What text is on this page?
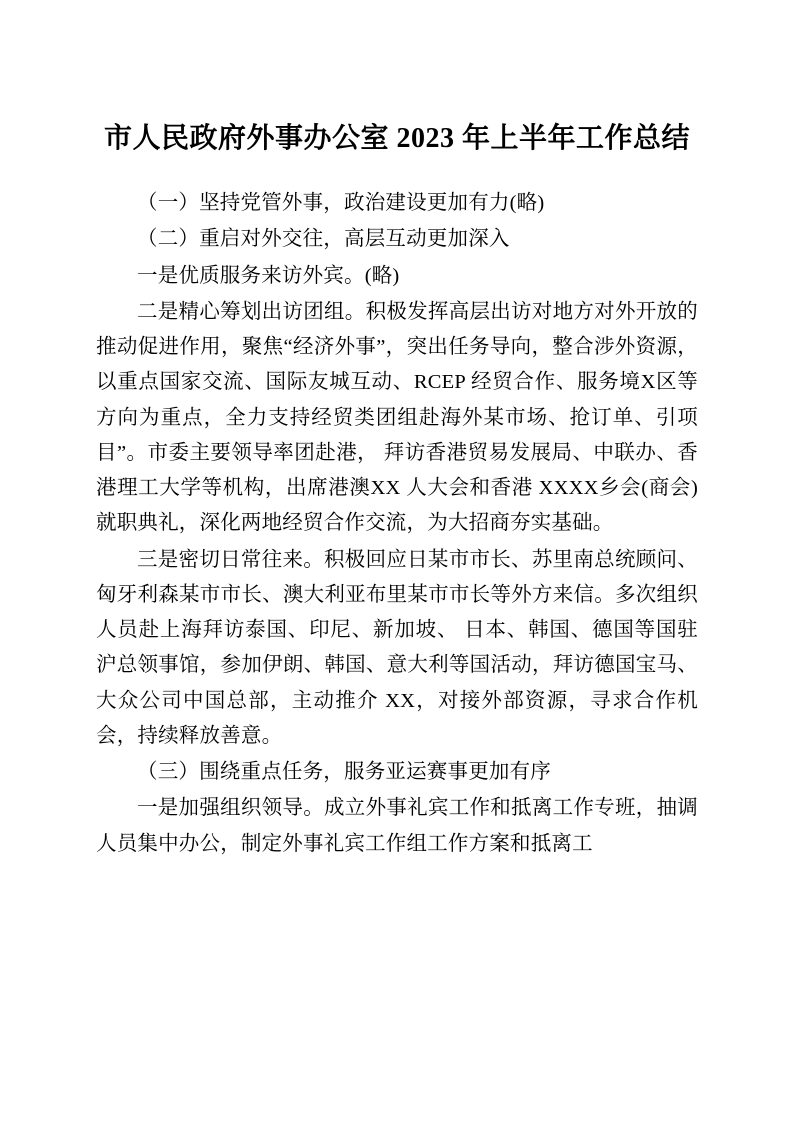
市人民政府外事办公室 2023 年上半年工作总结

（一）坚持党管外事，政治建设更加有力(略)

（二）重启对外交往，高层互动更加深入

一是优质服务来访外宾。(略)

二是精心筹划出访团组。积极发挥高层出访对地方对外开放的推动促进作用，聚焦“经济外事”，突出任务导向，整合涉外资源，以重点国家交流、国际友城互动、RCEP 经贸合作、服务境X区等方向为重点，全力支持经贸类团组赴海外某市场、抢订单、引项目”。市委主要领导率团赴港， 拜访香港贸易发展局、中联办、香港理工大学等机构，出席港澳XX 人大会和香港 XXXX乡会(商会)就职典礼，深化两地经贸合作交流，为大招商夯实基础。

三是密切日常往来。积极回应日某市市长、苏里南总统顾问、匈牙利森某市市长、澳大利亚布里某市市长等外方来信。多次组织人员赴上海拜访泰国、印尼、新加坡、 日本、韩国、德国等国驻沪总领事馆，参加伊朗、韩国、意大利等国活动，拜访德国宝马、大众公司中国总部，主动推介 XX，对接外部资源，寻求合作机会，持续释放善意。

（三）围绕重点任务，服务亚运赛事更加有序

一是加强组织领导。成立外事礼宾工作和抵离工作专班，抽调人员集中办公，制定外事礼宾工作组工作方案和抵离工
